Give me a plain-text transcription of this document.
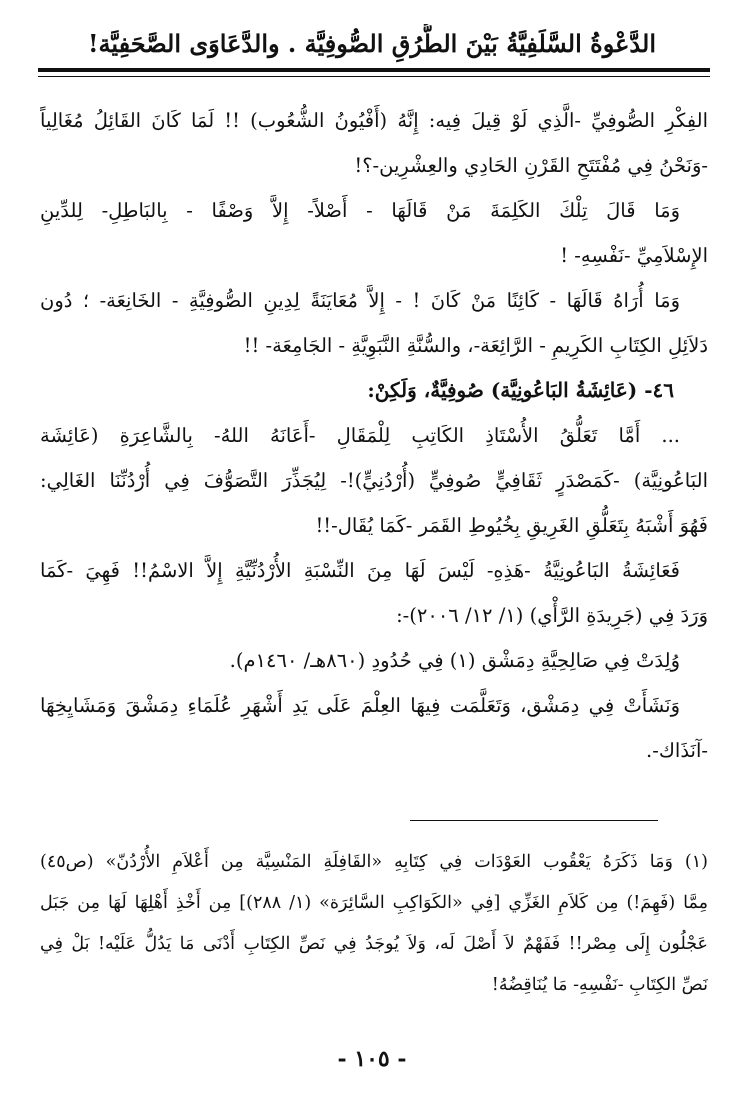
الدَّعْوةُ السَّلَفِيَّةُ بَيْنَ الطُّرُقِ الصُّوفِيَّة . والدَّعَاوَى الصَّحَفِيَّة!
الفِكْرِ الصُّوفِيِّ -الَّذِي لَوْ قِيلَ فِيه: إِنَّهُ (أَفْيُونُ الشُّعُوب) !! لَمَا كَانَ القَائِلُ مُغَالِياً
-وَنَحْنُ فِي مُفْتَتَحِ القَرْنِ الحَادِي والعِشْرِين-؟!
وَمَا قَالَ تِلْكَ الكَلِمَةَ مَنْ قَالَهَا - أَصْلاً- إِلاَّ وَصْفًا - بِالبَاطِلِ- لِلدِّينِ
الإِسْلاَمِيِّ -نَفْسِهِ- !
وَمَا أُرَاهُ قَالَهَا - كَائِنًا مَنْ كَانَ ! - إِلاَّ مُعَايَنَةً لِدِينِ الصُّوفِيَّةِ - الخَانِعَة- ؛ دُون
دَلاَئِلِ الكِتَابِ الكَرِيمِ - الرَّائِعَة-، والسُّنَّةِ النَّبَوِيَّةِ - الجَامِعَة- !!
٤٦- (عَائِشَةُ البَاعُونِيَّة) صُوفِيَّةٌ، وَلَكِنْ:
... أَمَّا تَعَلُّقُ الأُسْتَاذِ الكَاتِبِ لِلْمَقَالِ -أَعَانَهُ اللهُ- بِالشَّاعِرَةِ (عَائِشَة
البَاعُونِيَّة) -كَمَصْدَرٍ ثَقَافِيٍّ صُوفِيٍّ (أُرْدُنِيٍّ)!- لِيُجَذِّرَ التَّصَوُّفَ فِي أُرْدُنِّنَا الغَالِي:
فَهُوَ أَشْبَهُ بِتَعَلُّقِ الغَرِيقِ بِخُيُوطِ القَمَر -كَمَا يُقَال-!!
فَعَائِشَةُ البَاعُونِيَّةُ -هَذِهِ- لَيْسَ لَهَا مِنَ النِّسْبَةِ الأُرْدُنِّيَّةِ إِلاَّ الاسْمُ!! فَهِيَ -كَمَا
وَرَدَ فِي (جَرِيدَةِ الرَّأْي) (١/ ١٢/ ٢٠٠٦)-:
وُلِدَتْ فِي صَالِحِيَّةِ دِمَشْق (١) فِي حُدُودِ (٨٦٠هـ/ ١٤٦٠م).
وَنَشَأَتْ فِي دِمَشْق، وَتَعَلَّمَت فِيهَا العِلْمَ عَلَى يَدِ أَشْهَرِ عُلَمَاءِ دِمَشْقَ وَمَشَايِخِهَا
-آنَذَاك-.
(١) وَمَا ذَكَرَهُ يَعْقُوب العَوْدَات فِي كِتَابِهِ «القَافِلَةِ المَنْسِيَّة مِن أَعْلاَمِ الأُرْدُنّ» (ص٤٥)
مِمَّا (فَهِمَ!) مِن كَلاَمِ الغَزِّي [فِي «الكَوَاكِبِ السَّائِرَة» (١/ ٢٨٨)] مِن أَخْذِ أَهْلِهَا لَهَا مِن جَبَل
عَجْلُون إِلَى مِصْر!! فَفَهْمٌ لاَ أَصْلَ لَه، وَلاَ يُوجَدُ فِي نَصِّ الكِتَابِ أَدْنَى مَا يَدُلُّ عَلَيْه! بَلْ فِي
نَصِّ الكِتَابِ -نَفْسِهِ- مَا يُنَاقِضُهُ!
- ١٠٥ -
